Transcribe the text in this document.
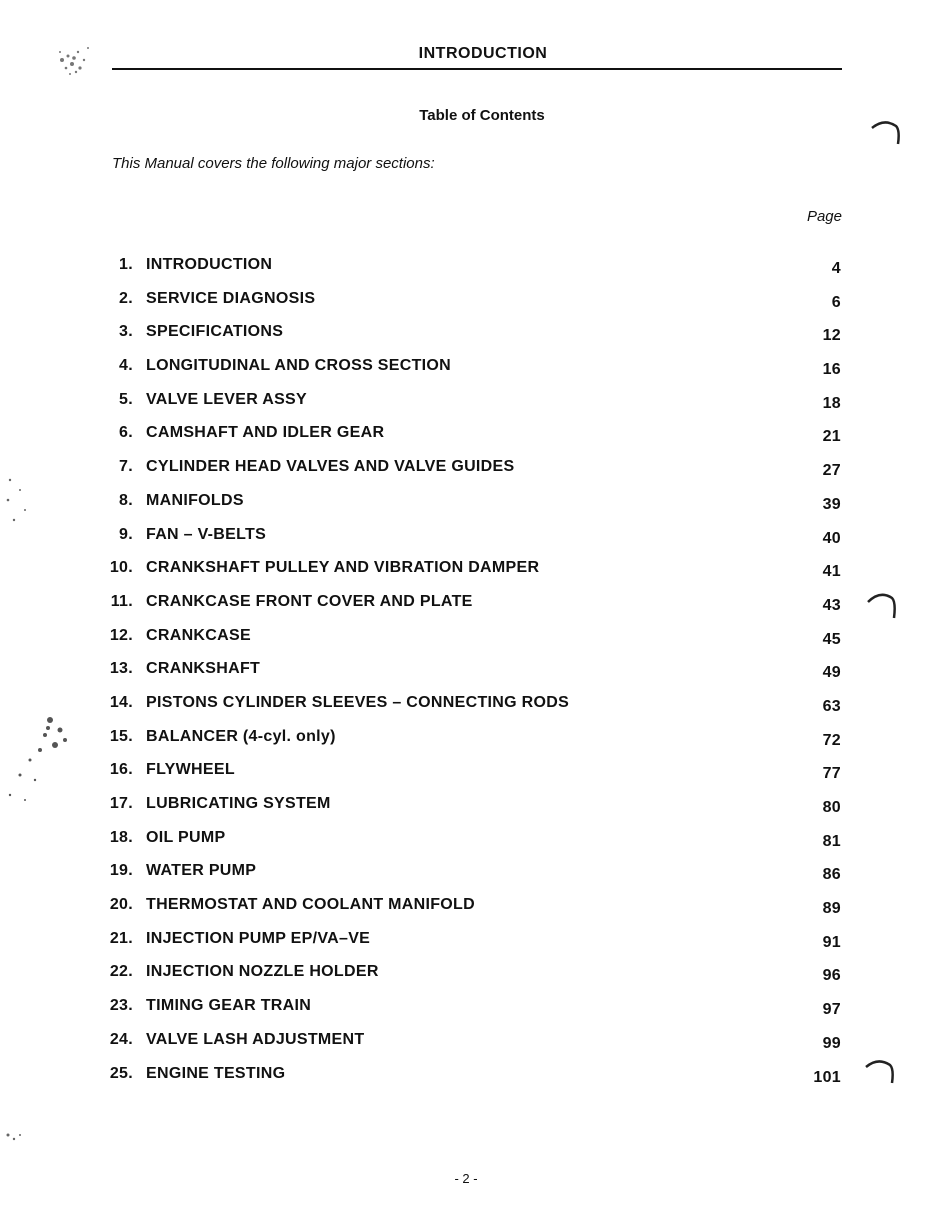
INTRODUCTION
Table of Contents
This Manual covers the following major sections:
Page
1. INTRODUCTION	4
2. SERVICE DIAGNOSIS	6
3. SPECIFICATIONS	12
4. LONGITUDINAL AND CROSS SECTION	16
5. VALVE LEVER ASSY	18
6. CAMSHAFT AND IDLER GEAR	21
7. CYLINDER HEAD VALVES AND VALVE GUIDES	27
8. MANIFOLDS	39
9. FAN – V-BELTS	40
10. CRANKSHAFT PULLEY AND VIBRATION DAMPER	41
11. CRANKCASE FRONT COVER AND PLATE	43
12. CRANKCASE	45
13. CRANKSHAFT	49
14. PISTONS CYLINDER SLEEVES – CONNECTING RODS	63
15. BALANCER (4-cyl. only)	72
16. FLYWHEEL	77
17. LUBRICATING SYSTEM	80
18. OIL PUMP	81
19. WATER PUMP	86
20. THERMOSTAT AND COOLANT MANIFOLD	89
21. INJECTION PUMP EP/VA–VE	91
22. INJECTION NOZZLE HOLDER	96
23. TIMING GEAR TRAIN	97
24. VALVE LASH ADJUSTMENT	99
25. ENGINE TESTING	101
- 2 -
